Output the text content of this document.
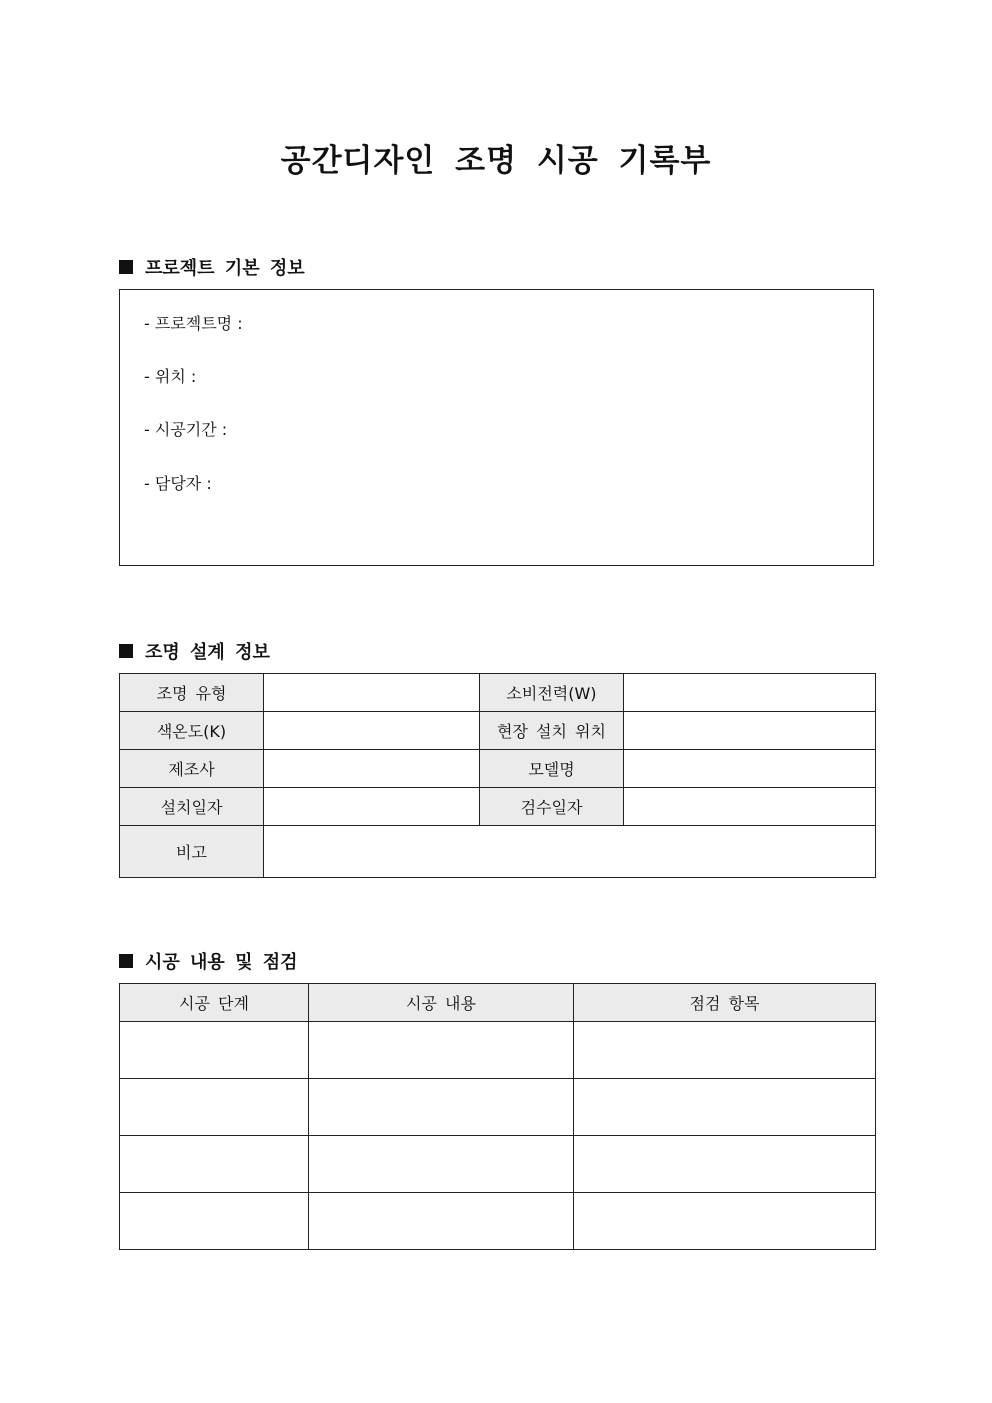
공간디자인 조명 시공 기록부
프로젝트 기본 정보
- 프로젝트명 :
- 위치 :
- 시공기간 :
- 담당자 :
조명 설계 정보
조명 유형		소비전력(W)	
색온도(K)		현장 설치 위치	
제조사		모델명	
설치일자		검수일자	
비고			
시공 내용 및 점검
시공 단계	시공 내용	점검 항목
